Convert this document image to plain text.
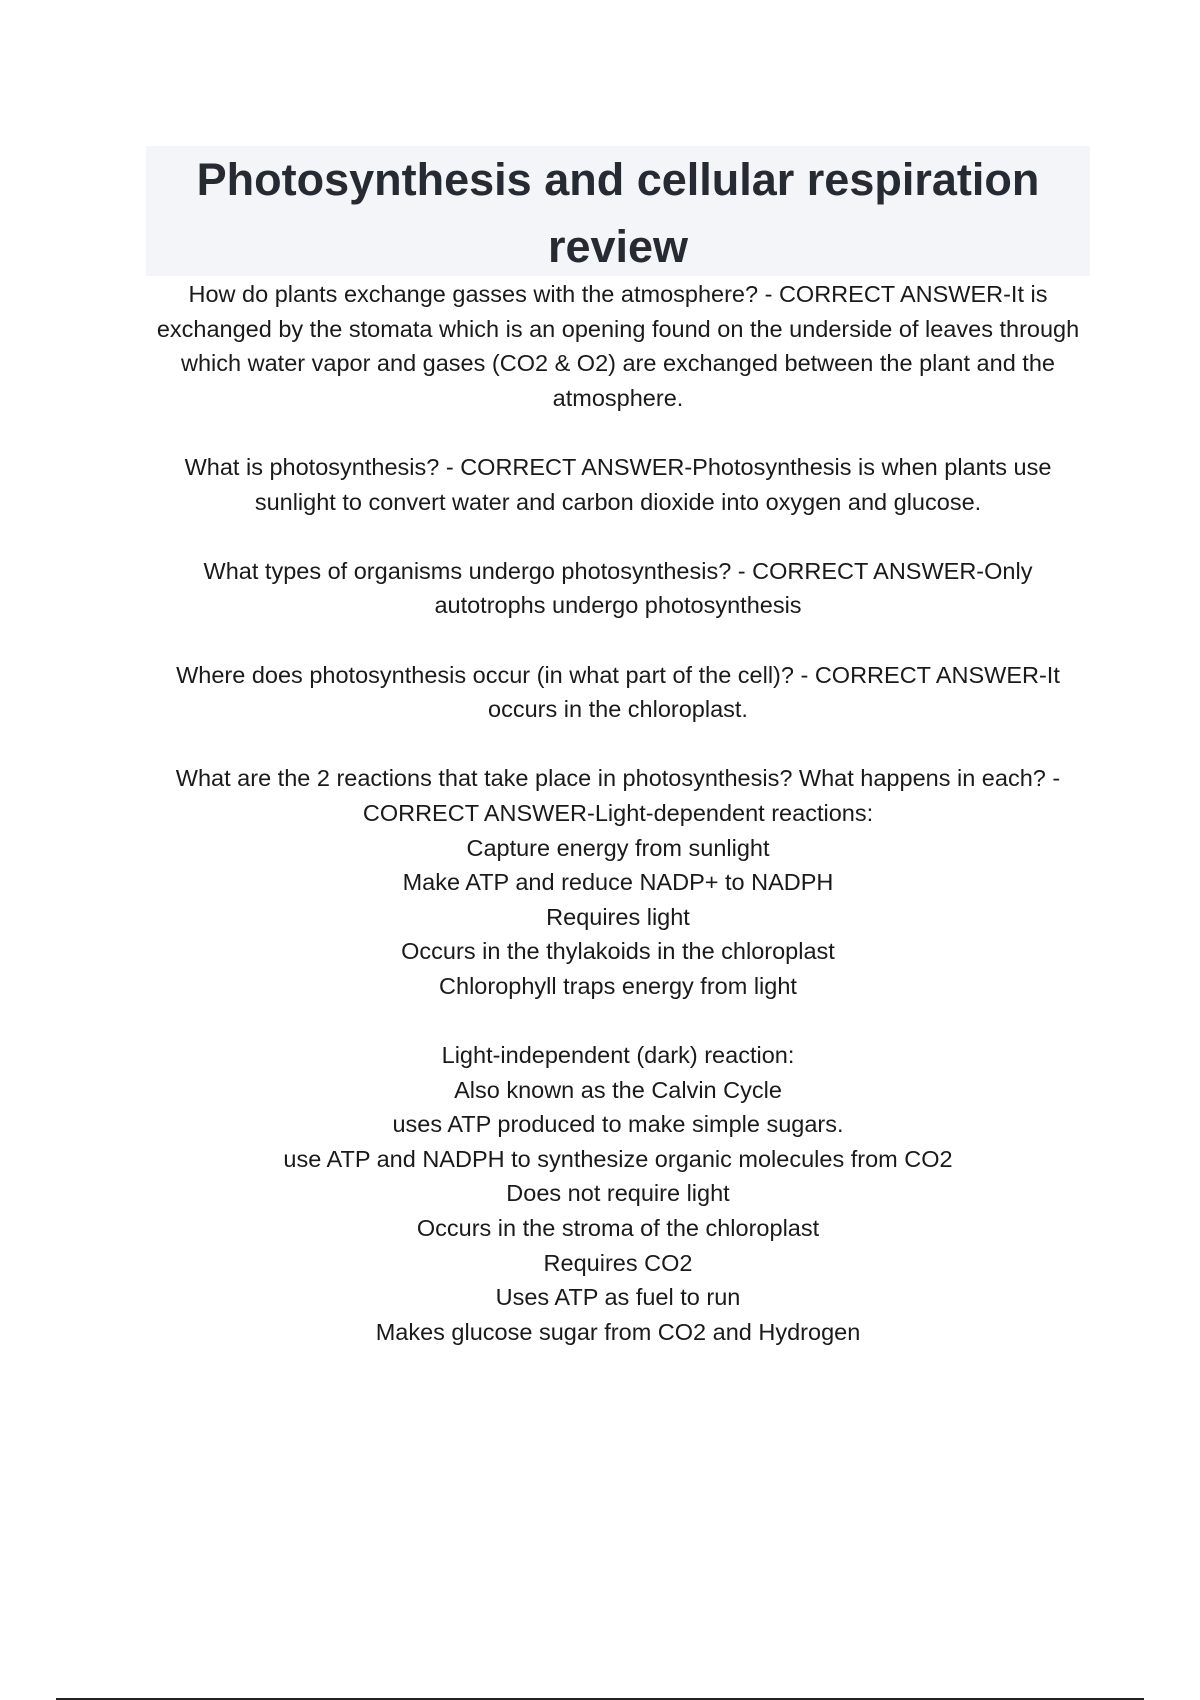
Photosynthesis and cellular respiration review

How do plants exchange gasses with the atmosphere? - CORRECT ANSWER-It is exchanged by the stomata which is an opening found on the underside of leaves through which water vapor and gases (CO2 & O2) are exchanged between the plant and the atmosphere.

What is photosynthesis? - CORRECT ANSWER-Photosynthesis is when plants use sunlight to convert water and carbon dioxide into oxygen and glucose.

What types of organisms undergo photosynthesis? - CORRECT ANSWER-Only autotrophs undergo photosynthesis

Where does photosynthesis occur (in what part of the cell)? - CORRECT ANSWER-It occurs in the chloroplast.

What are the 2 reactions that take place in photosynthesis? What happens in each? - CORRECT ANSWER-Light-dependent reactions:
Capture energy from sunlight
Make ATP and reduce NADP+ to NADPH
Requires light
Occurs in the thylakoids in the chloroplast
Chlorophyll traps energy from light
Light-independent (dark) reaction:
Also known as the Calvin Cycle
uses ATP produced to make simple sugars.
use ATP and NADPH to synthesize organic molecules from CO2
Does not require light
Occurs in the stroma of the chloroplast
Requires CO2
Uses ATP as fuel to run
Makes glucose sugar from CO2 and Hydrogen
